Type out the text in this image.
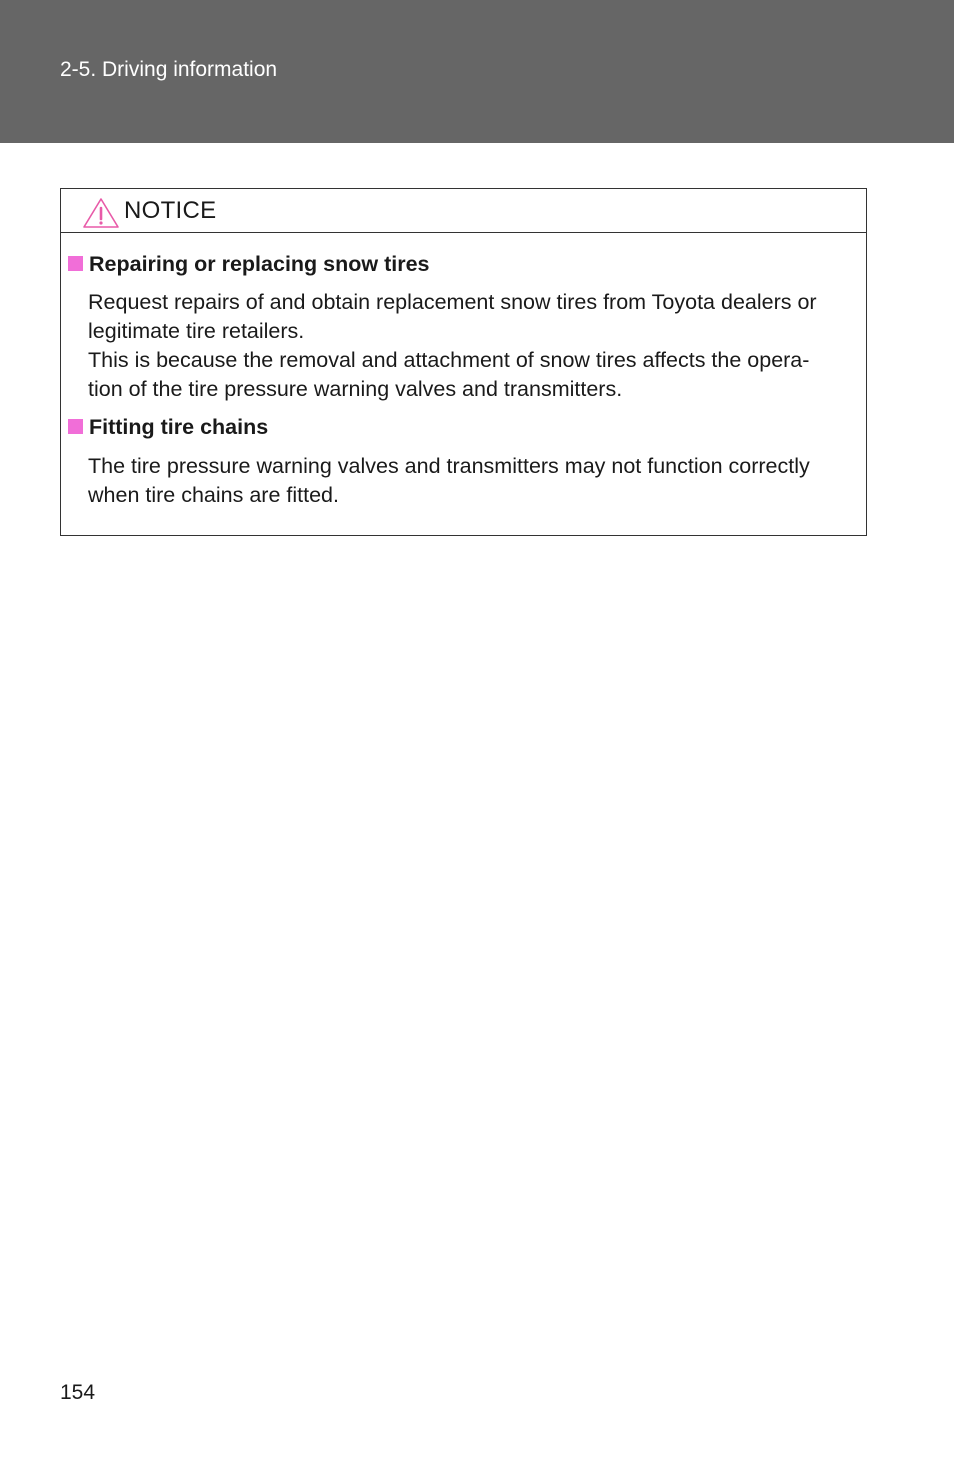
2-5. Driving information
NOTICE
Repairing or replacing snow tires
Request repairs of and obtain replacement snow tires from Toyota dealers or
legitimate tire retailers.
This is because the removal and attachment of snow tires affects the opera-
tion of the tire pressure warning valves and transmitters.
Fitting tire chains
The tire pressure warning valves and transmitters may not function correctly
when tire chains are fitted.
154
